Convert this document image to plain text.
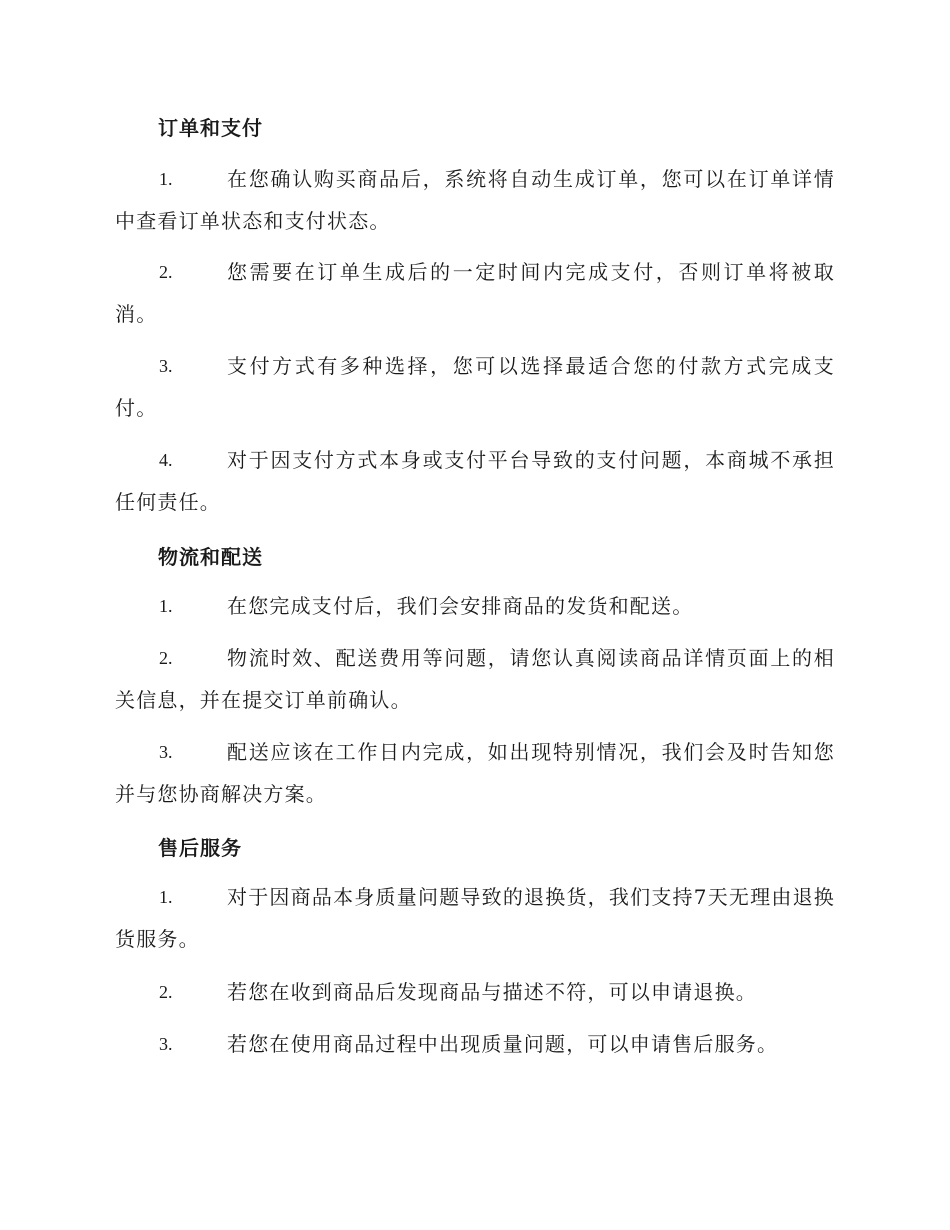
订单和支付
1.	在您确认购买商品后，系统将自动生成订单，您可以在订单详情中查看订单状态和支付状态。
2.	您需要在订单生成后的一定时间内完成支付，否则订单将被取消。
3.	支付方式有多种选择，您可以选择最适合您的付款方式完成支付。
4.	对于因支付方式本身或支付平台导致的支付问题，本商城不承担任何责任。
物流和配送
1.	在您完成支付后，我们会安排商品的发货和配送。
2.	物流时效、配送费用等问题，请您认真阅读商品详情页面上的相关信息，并在提交订单前确认。
3.	配送应该在工作日内完成，如出现特别情况，我们会及时告知您并与您协商解决方案。
售后服务
1.	对于因商品本身质量问题导致的退换货，我们支持7天无理由退换货服务。
2.	若您在收到商品后发现商品与描述不符，可以申请退换。
3.	若您在使用商品过程中出现质量问题，可以申请售后服务。
